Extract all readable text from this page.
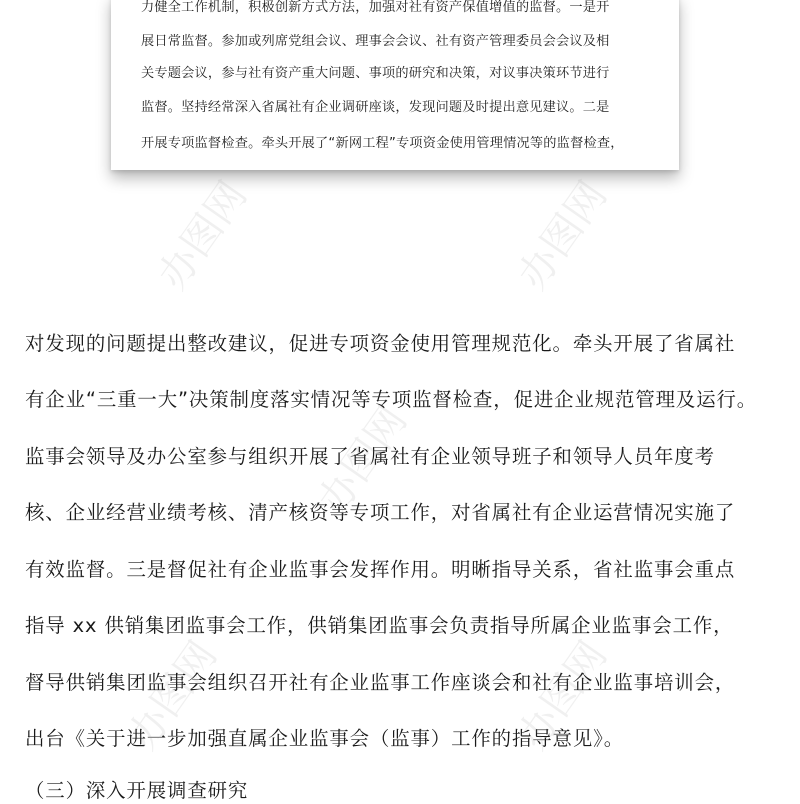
力健全工作机制，积极创新方式方法，加强对社有资产保值增值的监督。一是开
展日常监督。参加或列席党组会议、理事会会议、社有资产管理委员会会议及相
关专题会议，参与社有资产重大问题、事项的研究和决策，对议事决策环节进行
监督。坚持经常深入省属社有企业调研座谈，发现问题及时提出意见建议。二是
开展专项监督检查。牵头开展了“新网工程”专项资金使用管理情况等的监督检查，
对发现的问题提出整改建议，促进专项资金使用管理规范化。牵头开展了省属社
有企业“三重一大”决策制度落实情况等专项监督检查，促进企业规范管理及运行。
监事会领导及办公室参与组织开展了省属社有企业领导班子和领导人员年度考
核、企业经营业绩考核、清产核资等专项工作，对省属社有企业运营情况实施了
有效监督。三是督促社有企业监事会发挥作用。明晰指导关系，省社监事会重点
指导 xx 供销集团监事会工作，供销集团监事会负责指导所属企业监事会工作，
督导供销集团监事会组织召开社有企业监事工作座谈会和社有企业监事培训会，
出台《关于进一步加强直属企业监事会（监事）工作的指导意见》。
（三）深入开展调查研究
办图网	办图网
办图网
办图网	办图网
